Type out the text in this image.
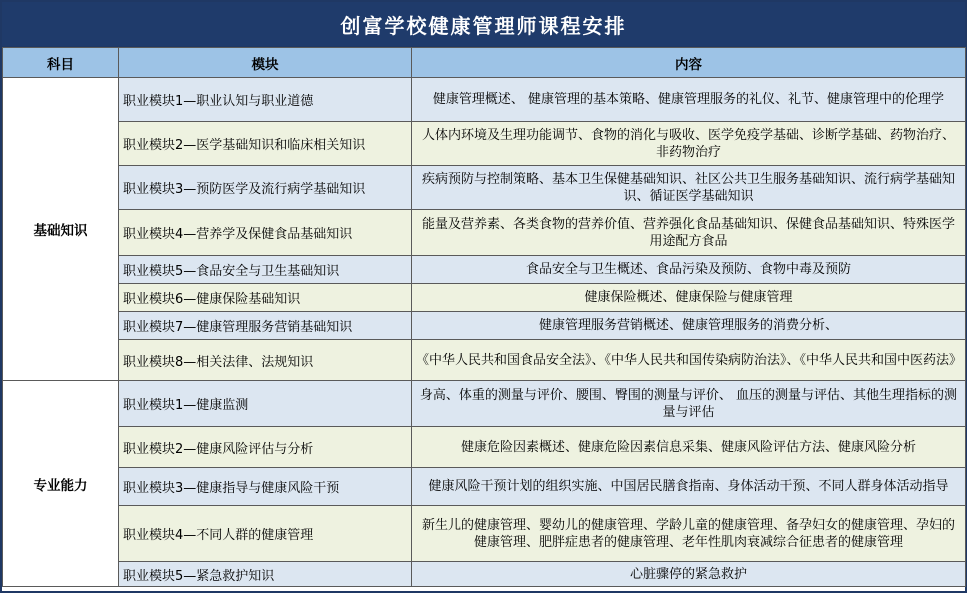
创富学校健康管理师课程安排
科目	模块	内容
基础知识	职业模块1—职业认知与职业道德	健康管理概述、 健康管理的基本策略、健康管理服务的礼仪、礼节、健康管理中的伦理学
	职业模块2—医学基础知识和临床相关知识	人体内环境及生理功能调节、食物的消化与吸收、医学免疫学基础、诊断学基础、药物治疗、非药物治疗
	职业模块3—预防医学及流行病学基础知识	疾病预防与控制策略、基本卫生保健基础知识、社区公共卫生服务基础知识、流行病学基础知识、循证医学基础知识
	职业模块4—营养学及保健食品基础知识	能量及营养素、各类食物的营养价值、营养强化食品基础知识、保健食品基础知识、特殊医学用途配方食品
	职业模块5—食品安全与卫生基础知识	食品安全与卫生概述、食品污染及预防、食物中毒及预防
	职业模块6—健康保险基础知识	健康保险概述、健康保险与健康管理
	职业模块7—健康管理服务营销基础知识	健康管理服务营销概述、健康管理服务的消费分析、
	职业模块8—相关法律、法规知识	《中华人民共和国食品安全法》、《中华人民共和国传染病防治法》、《中华人民共和国中医药法》
专业能力	职业模块1—健康监测	身高、体重的测量与评价、腰围、臀围的测量与评价、 血压的测量与评估、其他生理指标的测量与评估
	职业模块2—健康风险评估与分析	健康危险因素概述、健康危险因素信息采集、健康风险评估方法、健康风险分析
	职业模块3—健康指导与健康风险干预	健康风险干预计划的组织实施、中国居民膳食指南、身体活动干预、不同人群身体活动指导
	职业模块4—不同人群的健康管理	新生儿的健康管理、婴幼儿的健康管理、学龄儿童的健康管理、备孕妇女的健康管理、孕妇的健康管理、肥胖症患者的健康管理、老年性肌肉衰减综合征患者的健康管理
	职业模块5—紧急救护知识	心脏骤停的紧急救护
